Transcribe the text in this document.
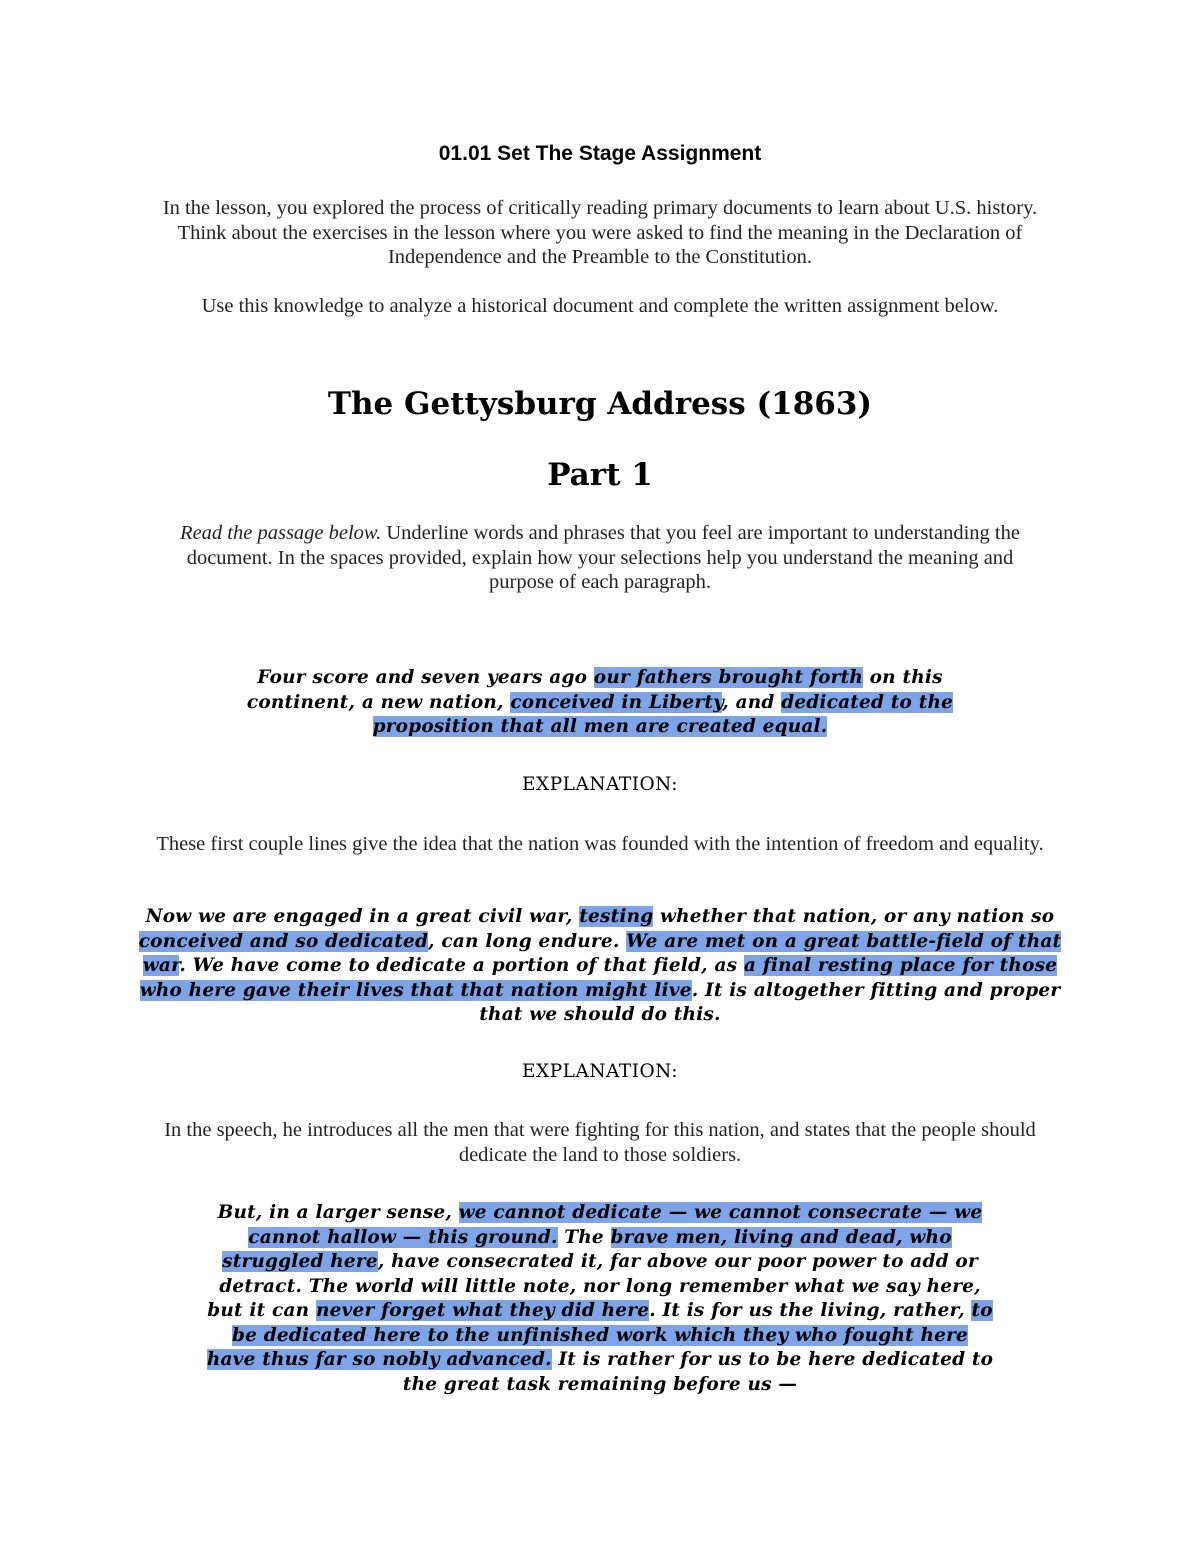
01.01 Set The Stage Assignment
In the lesson, you explored the process of critically reading primary documents to learn about U.S. history. Think about the exercises in the lesson where you were asked to find the meaning in the Declaration of Independence and the Preamble to the Constitution.
Use this knowledge to analyze a historical document and complete the written assignment below.
The Gettysburg Address (1863)
Part 1
Read the passage below. Underline words and phrases that you feel are important to understanding the document. In the spaces provided, explain how your selections help you understand the meaning and purpose of each paragraph.
Four score and seven years ago our fathers brought forth on this continent, a new nation, conceived in Liberty, and dedicated to the proposition that all men are created equal.
EXPLANATION:
These first couple lines give the idea that the nation was founded with the intention of freedom and equality.
Now we are engaged in a great civil war, testing whether that nation, or any nation so conceived and so dedicated, can long endure. We are met on a great battle-field of that war. We have come to dedicate a portion of that field, as a final resting place for those who here gave their lives that that nation might live. It is altogether fitting and proper that we should do this.
EXPLANATION:
In the speech, he introduces all the men that were fighting for this nation, and states that the people should dedicate the land to those soldiers.
But, in a larger sense, we cannot dedicate — we cannot consecrate — we cannot hallow — this ground. The brave men, living and dead, who struggled here, have consecrated it, far above our poor power to add or detract. The world will little note, nor long remember what we say here, but it can never forget what they did here. It is for us the living, rather, to be dedicated here to the unfinished work which they who fought here have thus far so nobly advanced. It is rather for us to be here dedicated to the great task remaining before us —
